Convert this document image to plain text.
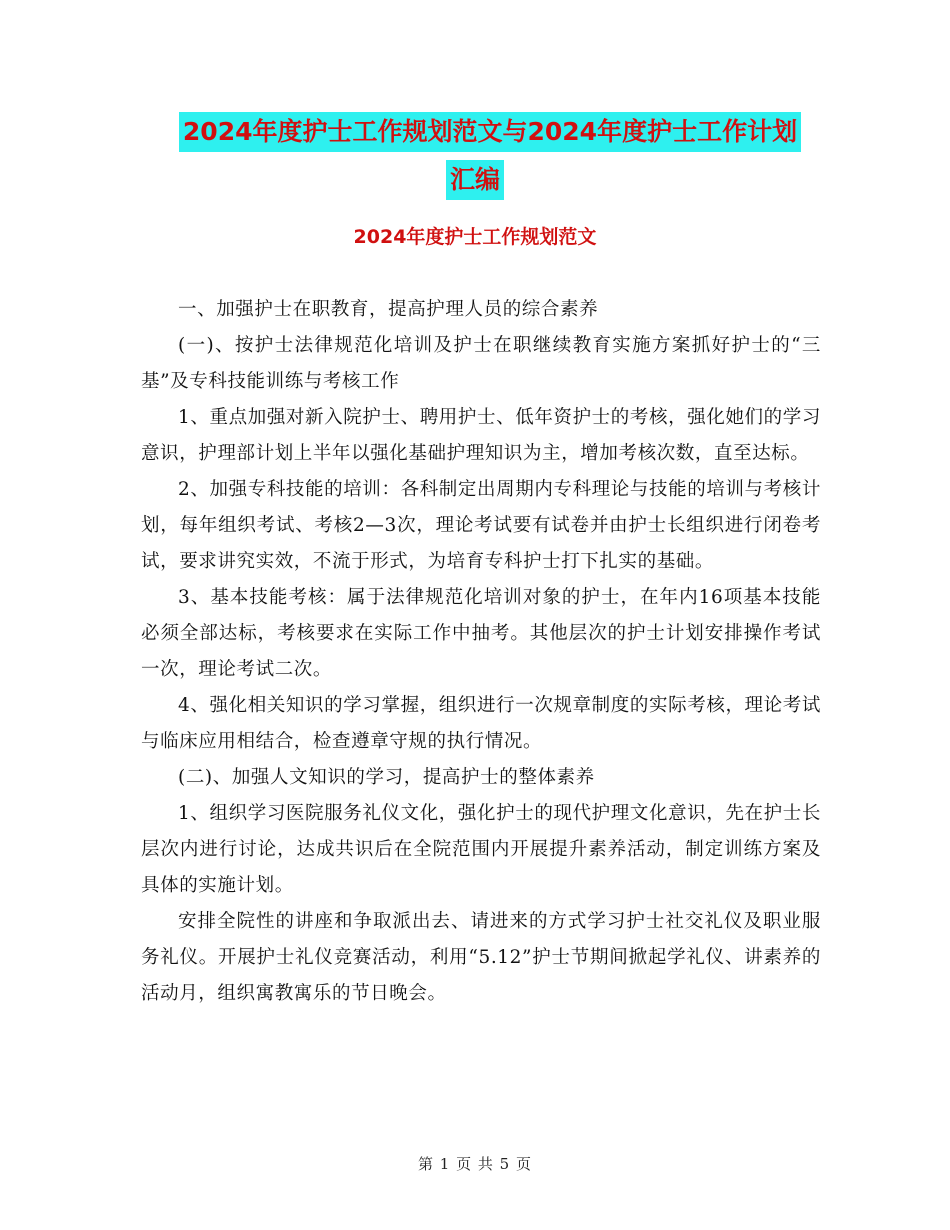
2024年度护士工作规划范文与2024年度护士工作计划
汇编
2024年度护士工作规划范文

一、加强护士在职教育，提高护理人员的综合素养

(一)、按护士法律规范化培训及护士在职继续教育实施方案抓好护士的“三基”及专科技能训练与考核工作

1、重点加强对新入院护士、聘用护士、低年资护士的考核，强化她们的学习意识，护理部计划上半年以强化基础护理知识为主，增加考核次数，直至达标。

2、加强专科技能的培训：各科制定出周期内专科理论与技能的培训与考核计划，每年组织考试、考核2—3次，理论考试要有试卷并由护士长组织进行闭卷考试，要求讲究实效，不流于形式，为培育专科护士打下扎实的基础。

3、基本技能考核：属于法律规范化培训对象的护士，在年内16项基本技能必须全部达标，考核要求在实际工作中抽考。其他层次的护士计划安排操作考试一次，理论考试二次。

4、强化相关知识的学习掌握，组织进行一次规章制度的实际考核，理论考试与临床应用相结合，检查遵章守规的执行情况。

(二)、加强人文知识的学习，提高护士的整体素养

1、组织学习医院服务礼仪文化，强化护士的现代护理文化意识，先在护士长层次内进行讨论，达成共识后在全院范围内开展提升素养活动，制定训练方案及具体的实施计划。

安排全院性的讲座和争取派出去、请进来的方式学习护士社交礼仪及职业服务礼仪。开展护士礼仪竞赛活动，利用“5.12”护士节期间掀起学礼仪、讲素养的活动月，组织寓教寓乐的节日晚会。

第 1 页 共 5 页
